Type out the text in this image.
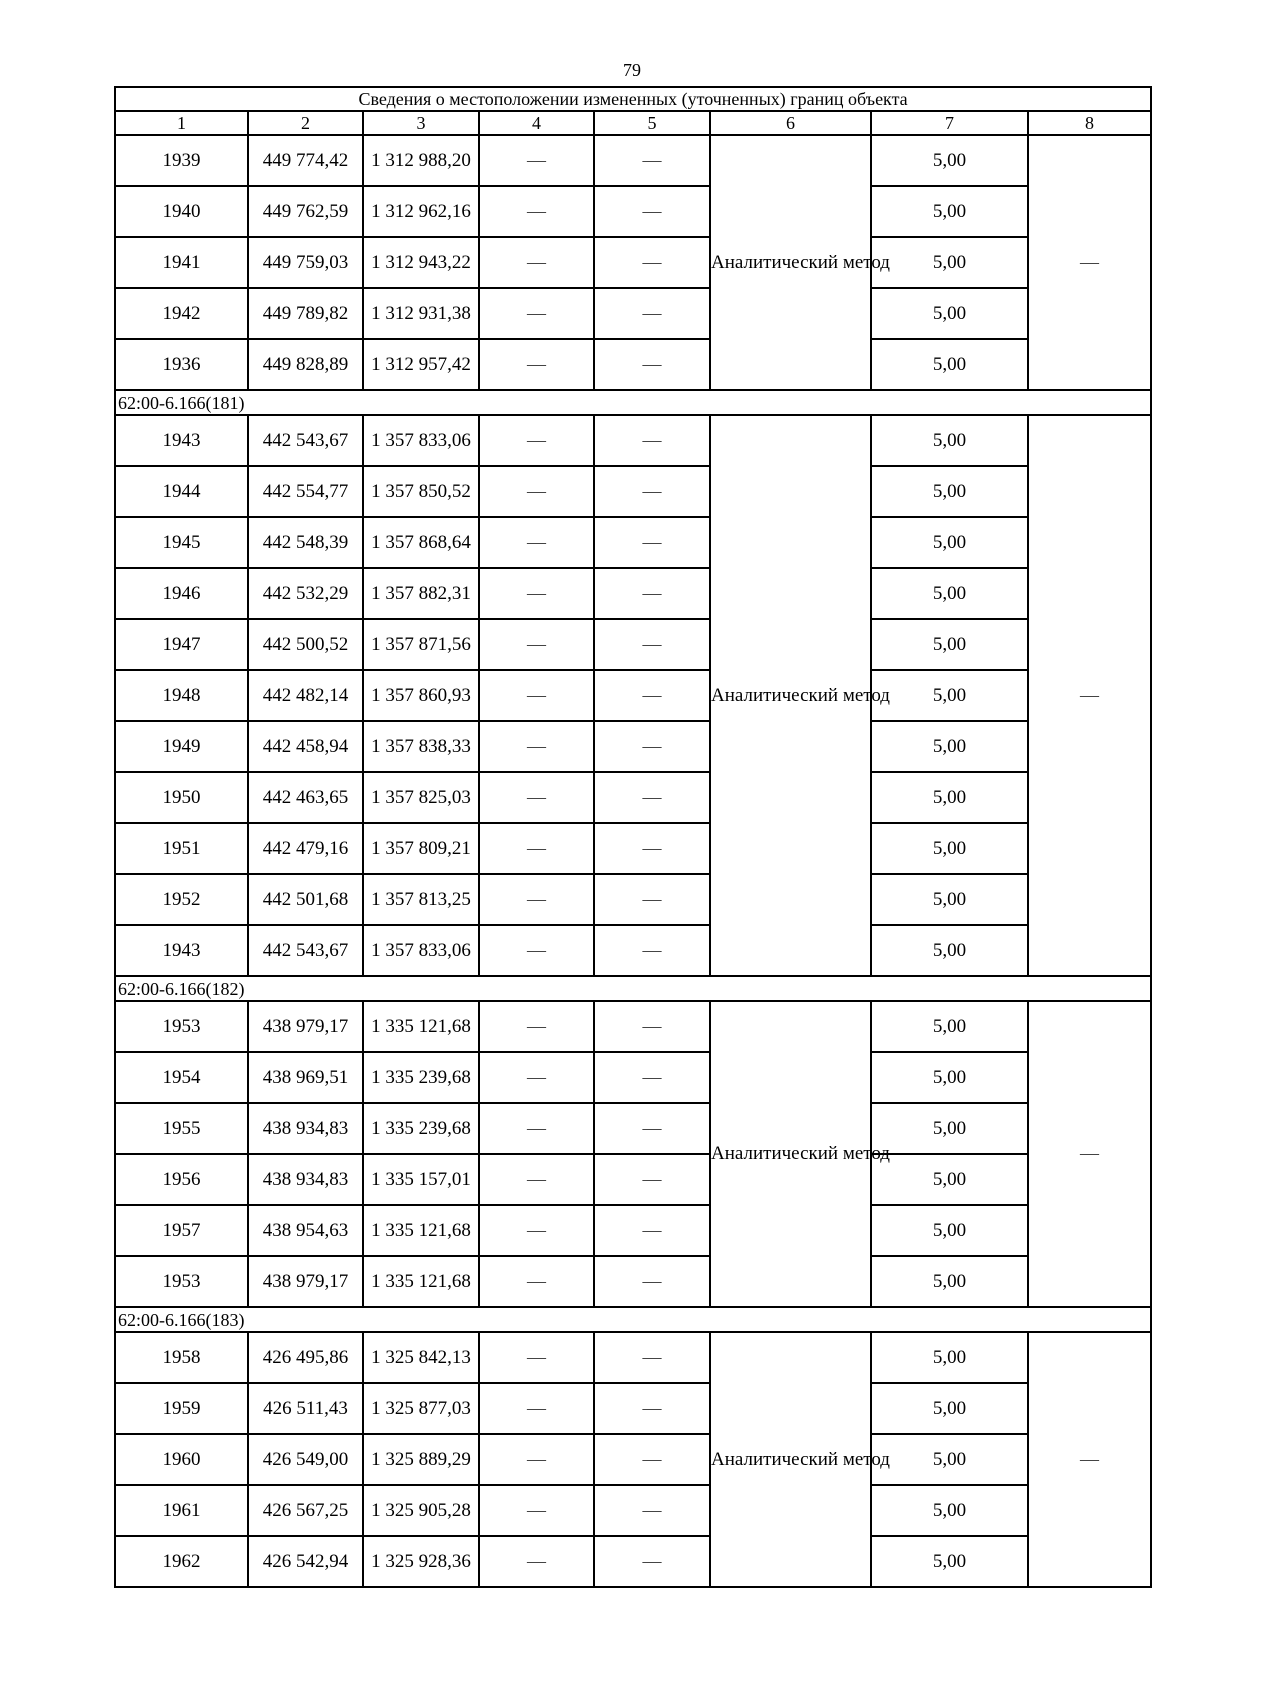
79
Сведения о местоположении измененных (уточненных) границ объекта							
1	2	3	4	5	6	7	8
1939	449 774,42	1 312 988,20	—	—	Аналитический метод	5,00	—
1940	449 762,59	1 312 962,16	—	—		5,00	
1941	449 759,03	1 312 943,22	—	—		5,00	
1942	449 789,82	1 312 931,38	—	—		5,00	
1936	449 828,89	1 312 957,42	—	—		5,00	
62:00-6.166(181)							
1943	442 543,67	1 357 833,06	—	—	Аналитический метод	5,00	—
1944	442 554,77	1 357 850,52	—	—		5,00	
1945	442 548,39	1 357 868,64	—	—		5,00	
1946	442 532,29	1 357 882,31	—	—		5,00	
1947	442 500,52	1 357 871,56	—	—		5,00	
1948	442 482,14	1 357 860,93	—	—		5,00	
1949	442 458,94	1 357 838,33	—	—		5,00	
1950	442 463,65	1 357 825,03	—	—		5,00	
1951	442 479,16	1 357 809,21	—	—		5,00	
1952	442 501,68	1 357 813,25	—	—		5,00	
1943	442 543,67	1 357 833,06	—	—		5,00	
62:00-6.166(182)							
1953	438 979,17	1 335 121,68	—	—	Аналитический метод	5,00	—
1954	438 969,51	1 335 239,68	—	—		5,00	
1955	438 934,83	1 335 239,68	—	—		5,00	
1956	438 934,83	1 335 157,01	—	—		5,00	
1957	438 954,63	1 335 121,68	—	—		5,00	
1953	438 979,17	1 335 121,68	—	—		5,00	
62:00-6.166(183)							
1958	426 495,86	1 325 842,13	—	—	Аналитический метод	5,00	—
1959	426 511,43	1 325 877,03	—	—		5,00	
1960	426 549,00	1 325 889,29	—	—		5,00	
1961	426 567,25	1 325 905,28	—	—		5,00	
1962	426 542,94	1 325 928,36	—	—		5,00	
